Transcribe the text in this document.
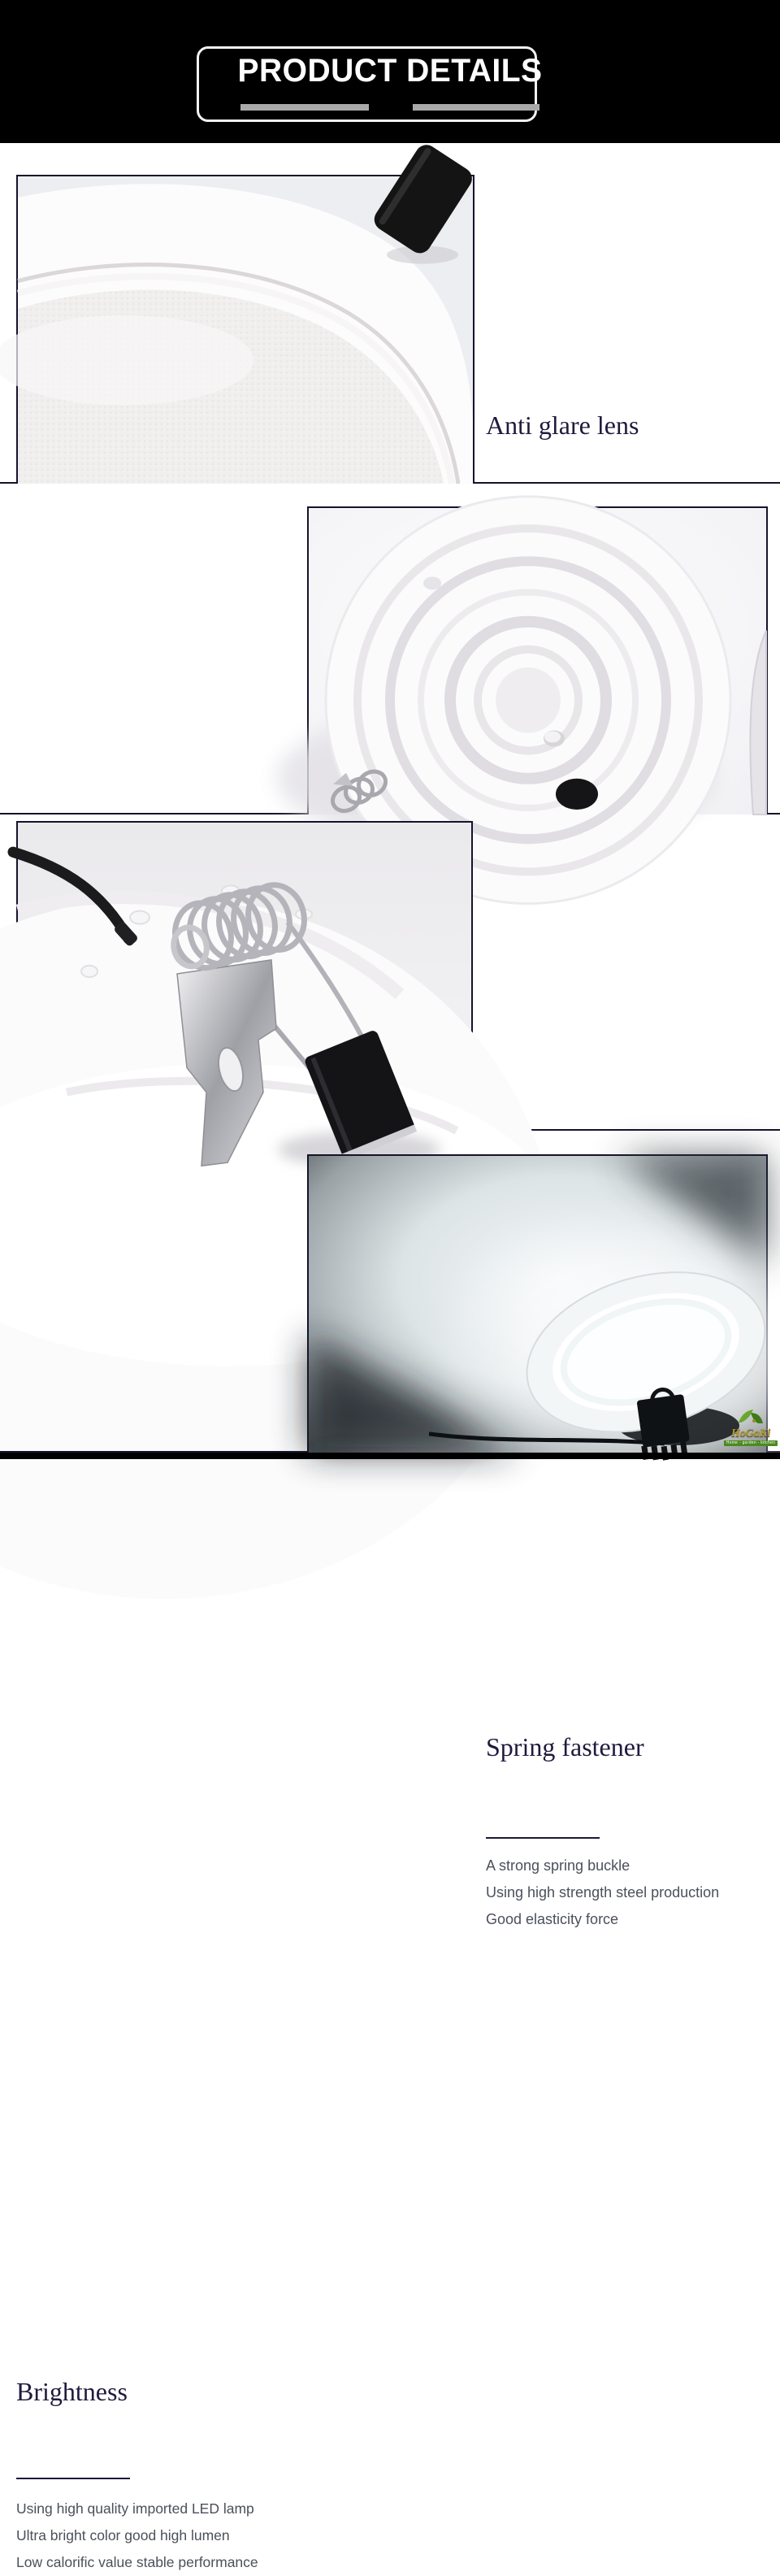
PRODUCT DETAILS
Anti glare lens
Spring fastener
A strong spring buckle
Using high strength steel production
Good elasticity force
Brightness
Using high quality imported LED lamp
Ultra bright color good high lumen
Low calorific value stable performance
HoGaKi
Home - garden - kitchen
